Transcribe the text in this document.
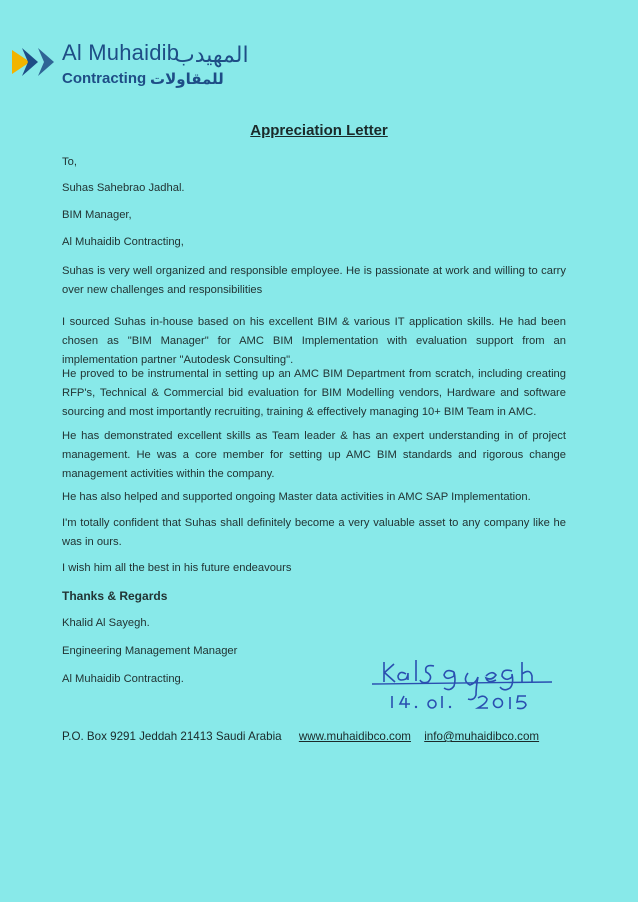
Al Muhaidib
المهيدب
Contracting للمقاولات
Appreciation Letter
To,
Suhas Sahebrao Jadhal.
BIM Manager,
Al Muhaidib Contracting,
Suhas is very well organized and responsible employee. He is passionate at work and willing to carry over new challenges and responsibilities
I sourced Suhas in-house based on his excellent BIM & various IT application skills. He had been chosen as "BIM Manager" for AMC BIM Implementation with evaluation support from an implementation partner "Autodesk Consulting".
He proved to be instrumental in setting up an AMC BIM Department from scratch, including creating RFP's, Technical & Commercial bid evaluation for BIM Modelling vendors, Hardware and software sourcing and most importantly recruiting, training & effectively managing 10+ BIM Team in AMC.
He has demonstrated excellent skills as Team leader & has an expert understanding in of project management. He was a core member for setting up AMC BIM standards and rigorous change management activities within the company.
He has also helped and supported ongoing Master data activities in AMC SAP Implementation.
I'm totally confident that Suhas shall definitely become a very valuable asset to any company like he was in ours.
I wish him all the best in his future endeavours
Thanks & Regards
Khalid Al Sayegh.
Engineering Management Manager
Al Muhaidib Contracting.
P.O. Box 9291 Jeddah 21413 Saudi Arabia www.muhaidibco.com info@muhaidibco.com
